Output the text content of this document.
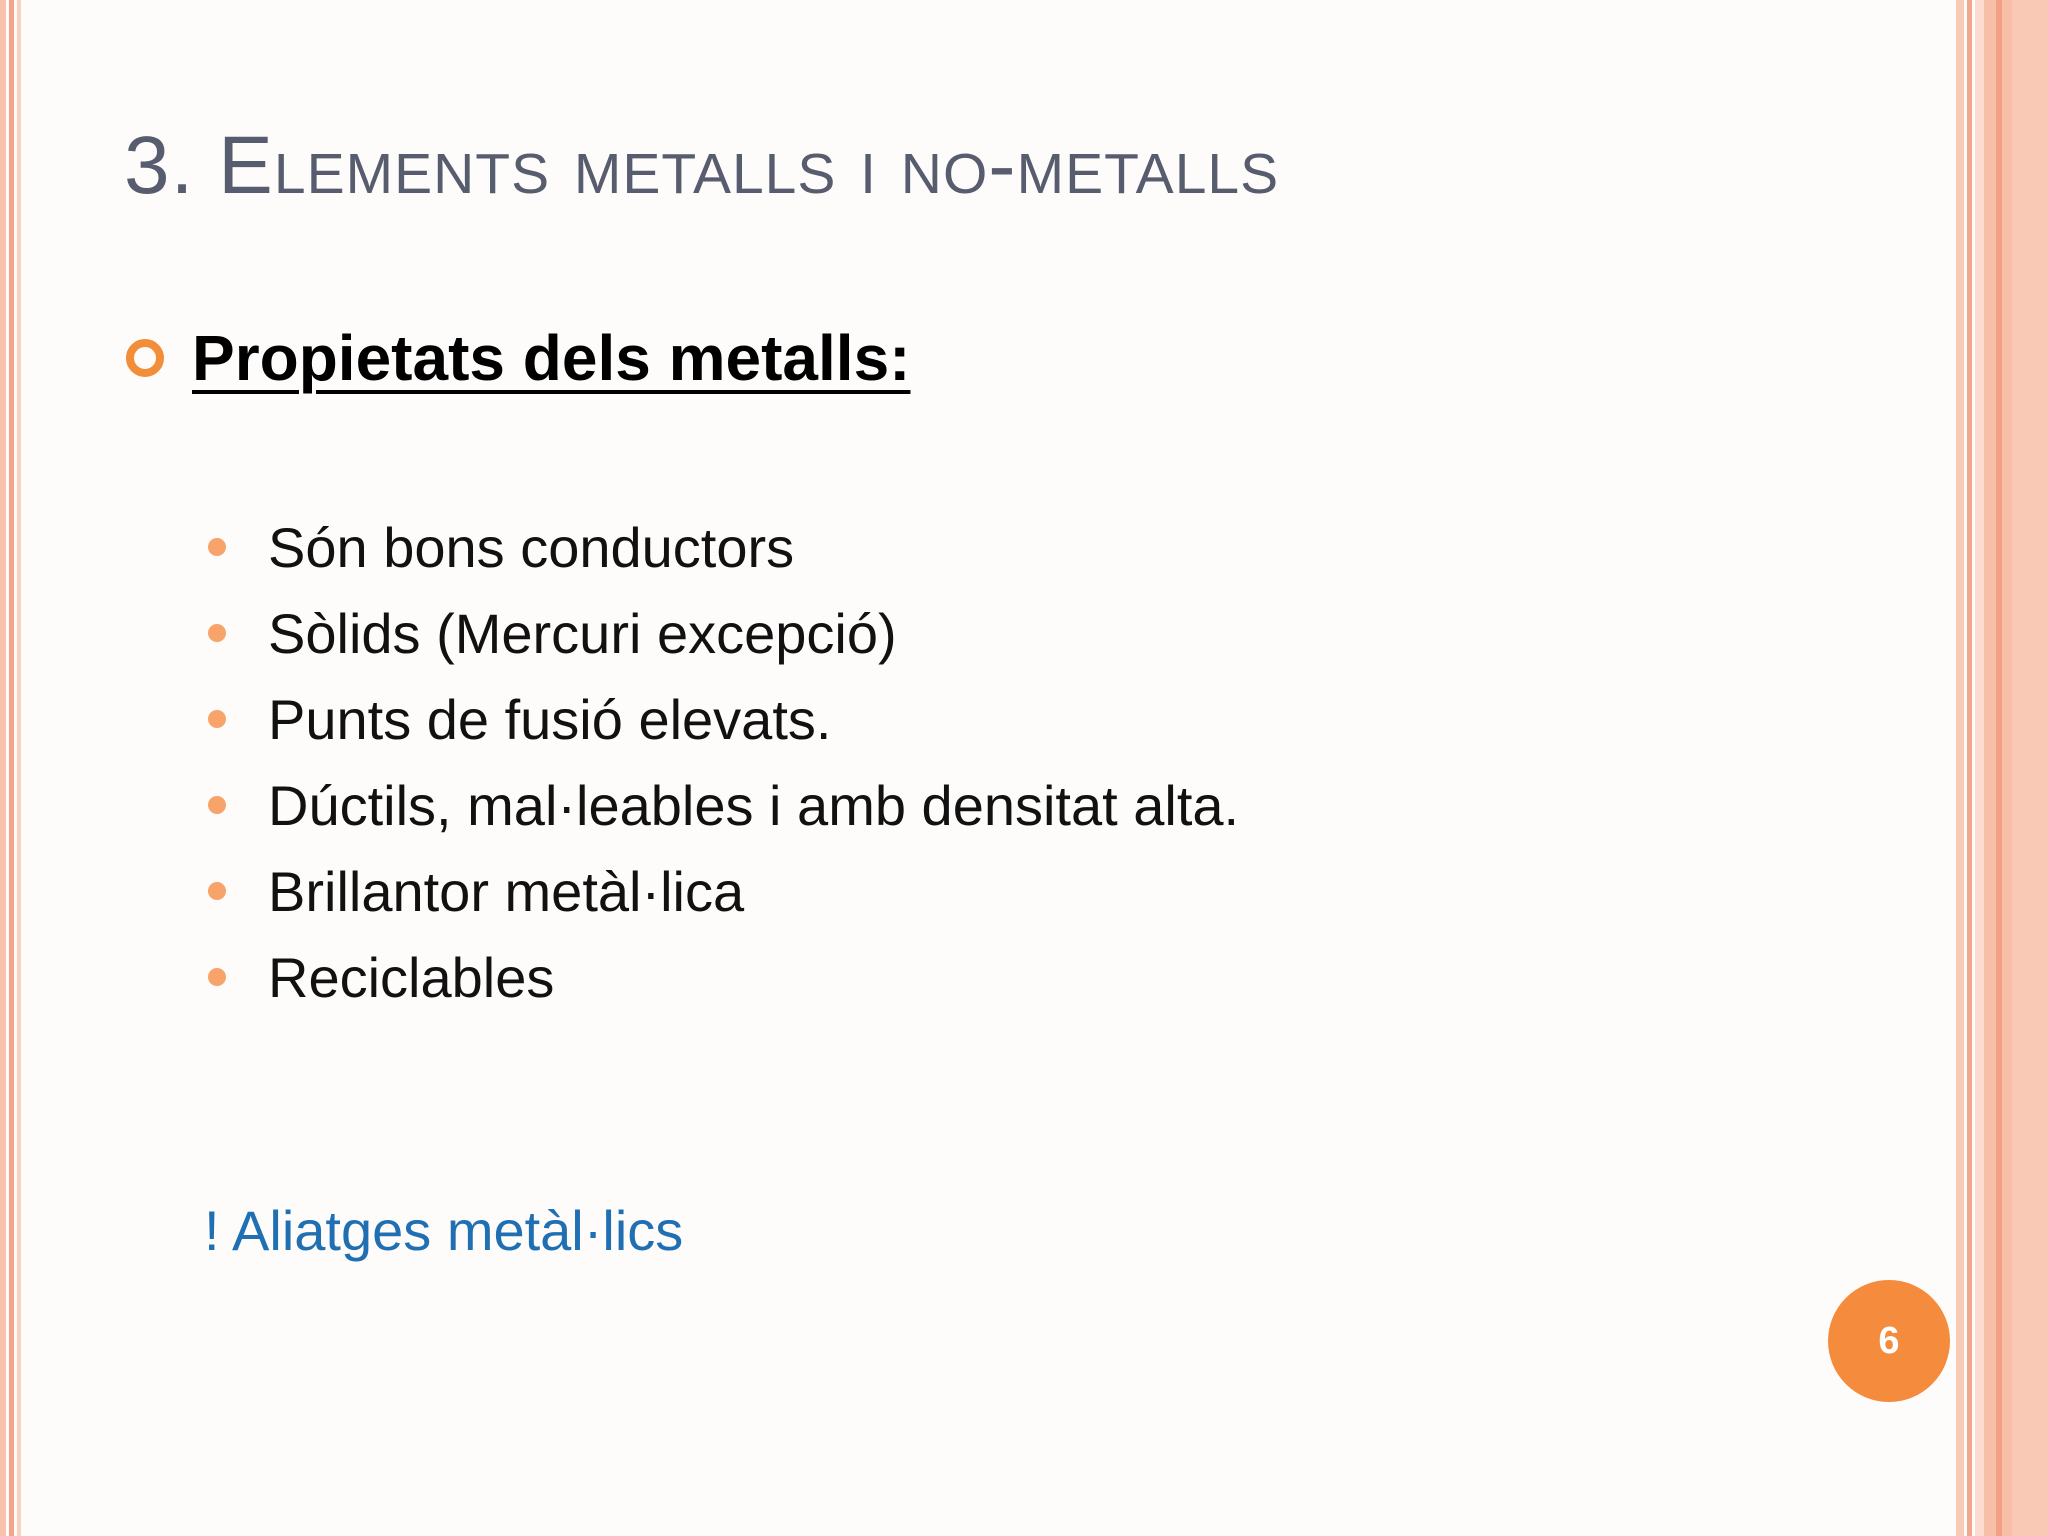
3. Elements metalls i no-metalls
Propietats dels metalls:
Són bons conductors
Sòlids (Mercuri excepció)
Punts de fusió elevats.
Dúctils, mal·leables i amb densitat alta.
Brillantor metàl·lica
Reciclables
! Aliatges metàl·lics
6
